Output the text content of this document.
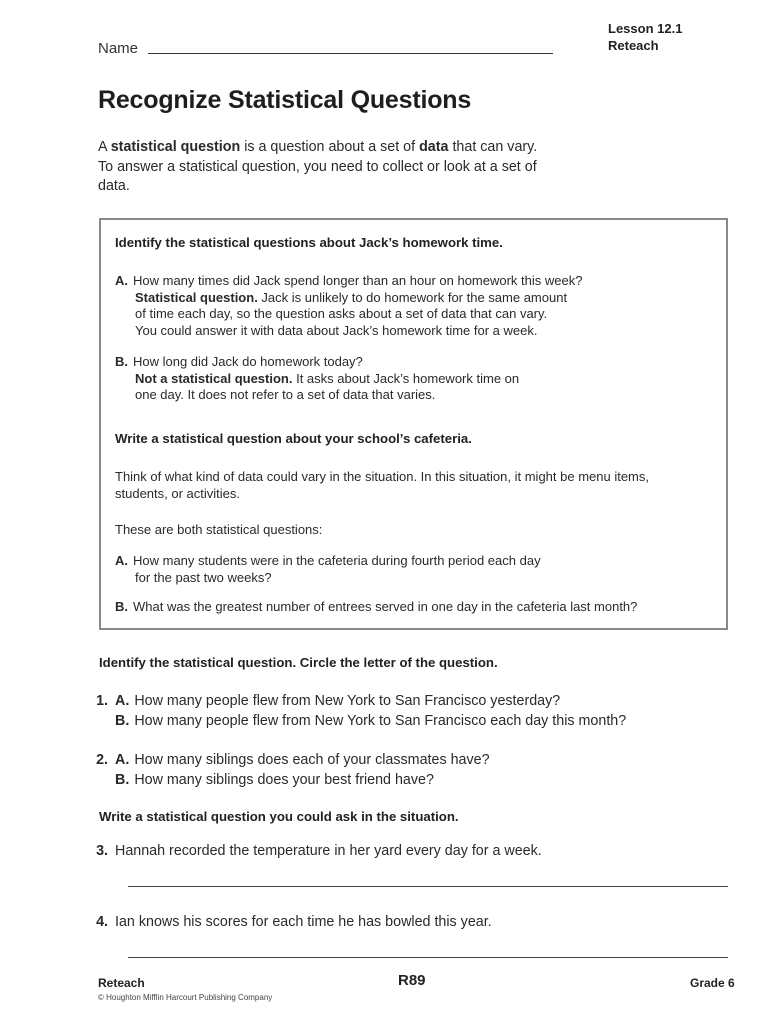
Lesson 12.1
Reteach
Name
Recognize Statistical Questions
A statistical question is a question about a set of data that can vary. To answer a statistical question, you need to collect or look at a set of data.
Identify the statistical questions about Jack’s homework time.
A. How many times did Jack spend longer than an hour on homework this week?
Statistical question. Jack is unlikely to do homework for the same amount
of time each day, so the question asks about a set of data that can vary.
You could answer it with data about Jack’s homework time for a week.
B. How long did Jack do homework today?
Not a statistical question. It asks about Jack’s homework time on
one day. It does not refer to a set of data that varies.
Write a statistical question about your school’s cafeteria.
Think of what kind of data could vary in the situation. In this situation, it might be menu items,
students, or activities.
These are both statistical questions:
A. How many students were in the cafeteria during fourth period each day
for the past two weeks?
B. What was the greatest number of entrees served in one day in the cafeteria last month?
Identify the statistical question. Circle the letter of the question.
1. A. How many people flew from New York to San Francisco yesterday?
B. How many people flew from New York to San Francisco each day this month?
2. A. How many siblings does each of your classmates have?
B. How many siblings does your best friend have?
Write a statistical question you could ask in the situation.
3. Hannah recorded the temperature in her yard every day for a week.
4. Ian knows his scores for each time he has bowled this year.
Reteach
© Houghton Mifflin Harcourt Publishing Company
R89	Grade 6
